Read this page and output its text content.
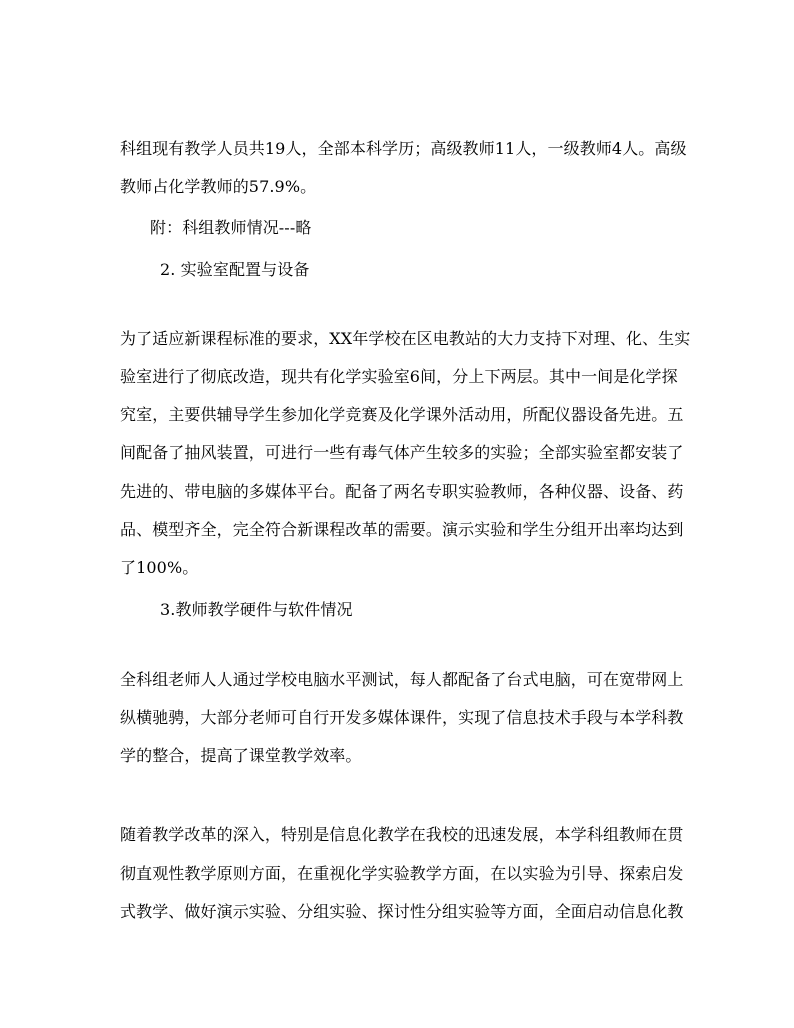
科组现有教学人员共19人，全部本科学历；高级教师11人，一级教师4人。高级
教师占化学教师的57.9%。
附：科组教师情况---略
2. 实验室配置与设备
为了适应新课程标准的要求，XX年学校在区电教站的大力支持下对理、化、生实
验室进行了彻底改造，现共有化学实验室6间，分上下两层。其中一间是化学探
究室，主要供辅导学生参加化学竞赛及化学课外活动用，所配仪器设备先进。五
间配备了抽风装置，可进行一些有毒气体产生较多的实验；全部实验室都安装了
先进的、带电脑的多媒体平台。配备了两名专职实验教师，各种仪器、设备、药
品、模型齐全，完全符合新课程改革的需要。演示实验和学生分组开出率均达到
了100%。
3.教师教学硬件与软件情况
全科组老师人人通过学校电脑水平测试，每人都配备了台式电脑，可在宽带网上
纵横驰骋，大部分老师可自行开发多媒体课件，实现了信息技术手段与本学科教
学的整合，提高了课堂教学效率。
随着教学改革的深入，特别是信息化教学在我校的迅速发展，本学科组教师在贯
彻直观性教学原则方面，在重视化学实验教学方面，在以实验为引导、探索启发
式教学、做好演示实验、分组实验、探讨性分组实验等方面，全面启动信息化教
